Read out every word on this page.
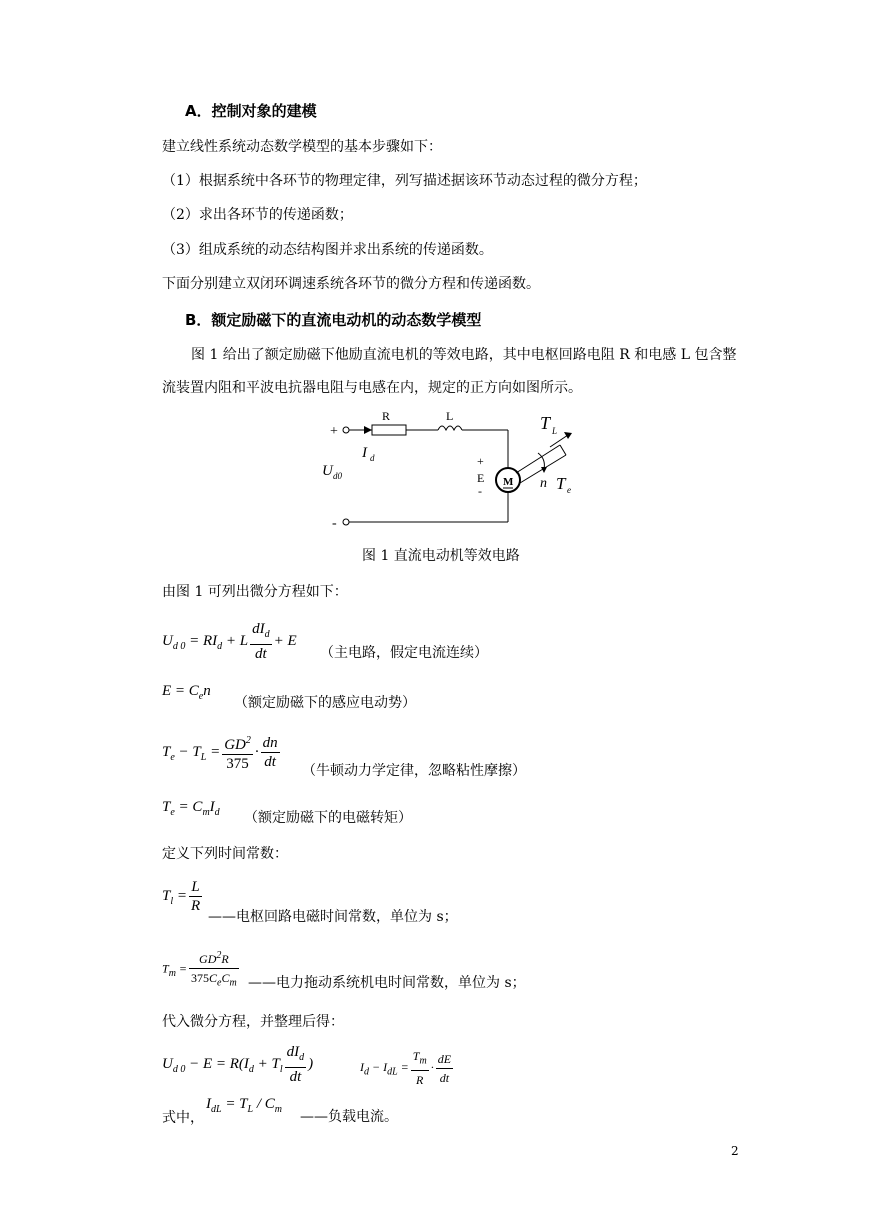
A．控制对象的建模
建立线性系统动态数学模型的基本步骤如下：
（1）根据系统中各环节的物理定律，列写描述据该环节动态过程的微分方程；
（2）求出各环节的传递函数；
（3）组成系统的动态结构图并求出系统的传递函数。
下面分别建立双闭环调速系统各环节的微分方程和传递函数。
B．额定励磁下的直流电动机的动态数学模型
图 1 给出了额定励磁下他励直流电机的等效电路，其中电枢回路电阻 R 和电感 L 包含整
流装置内阻和平波电抗器电阻与电感在内，规定的正方向如图所示。
+
-
R	L
M
I d
U d0
+
E
-
T L
n T e
图 1 直流电动机等效电路
由图 1 可列出微分方程如下：
$U_{d 0} = RI_d + L \frac{dI_d}{dt} + E$
（主电路，假定电流连续）
$E = C_en$
（额定励磁下的感应电动势）
$T_e - T_L = \frac{GD^2}{375} \cdot \frac{dn}{dt}$ （牛顿动力学定律，忽略粘性摩擦）
$T_e = C_mI_d$ （额定励磁下的电磁转矩）
定义下列时间常数：
$T_l = \frac{L}{R}$
——电枢回路电磁时间常数，单位为 s；
$T_m = \frac{GD^2R}{375C_eC_m}$ ——电力拖动系统机电时间常数，单位为 s；
代入微分方程，并整理后得：
$U_{d 0} - E = R(I_d + T_l \frac{dI_d}{dt}$ )	$I_d - I_{dL} = \frac{T_m}{R} \cdot \frac{dE}{dt}$
式中，
$I_{dL} = T_L / C_m$ ——负载电流。
2
